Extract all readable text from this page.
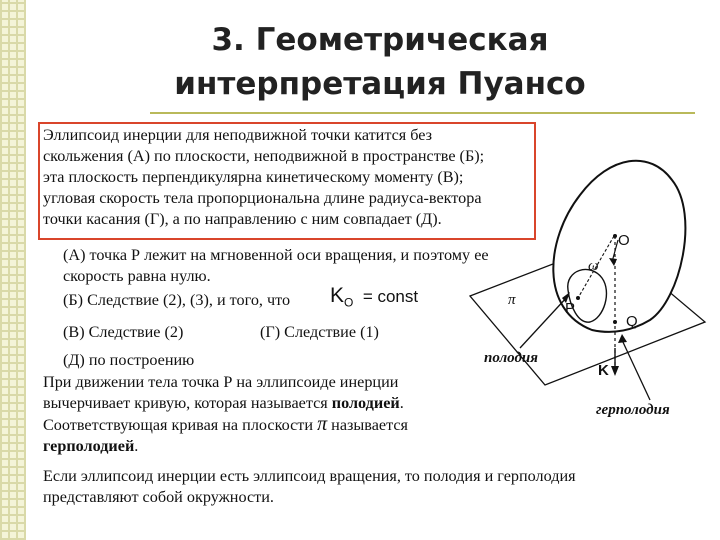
3. Геометрическая
интерпретация Пуансо
Эллипсоид инерции для неподвижной точки катится без
скольжения (А) по плоскости, неподвижной в пространстве (Б);
эта плоскость перпендикулярна кинетическому моменту (В);
угловая скорость тела пропорциональна длине радиуса-вектора
точки касания (Г), а по направлению с ним совпадает (Д).
(А) точка Р лежит на мгновенной оси вращения, и поэтому ее
скорость равна нулю.
(Б) Следствие (2), (3), и того, что $K_O$ = const
(В) Следствие (2)	(Г) Следствие (1)
(Д) по построению
При движении тела точка Р на эллипсоиде инерции
вычерчивает кривую, которая называется полодией.
Соответствующая кривая на плоскости π называется
герполодией.
Если эллипсоид инерции есть эллипсоид вращения, то полодия и герполодия
представляют собой окружности.
O
ω
π	P
Q
K
полодия
герполодия
